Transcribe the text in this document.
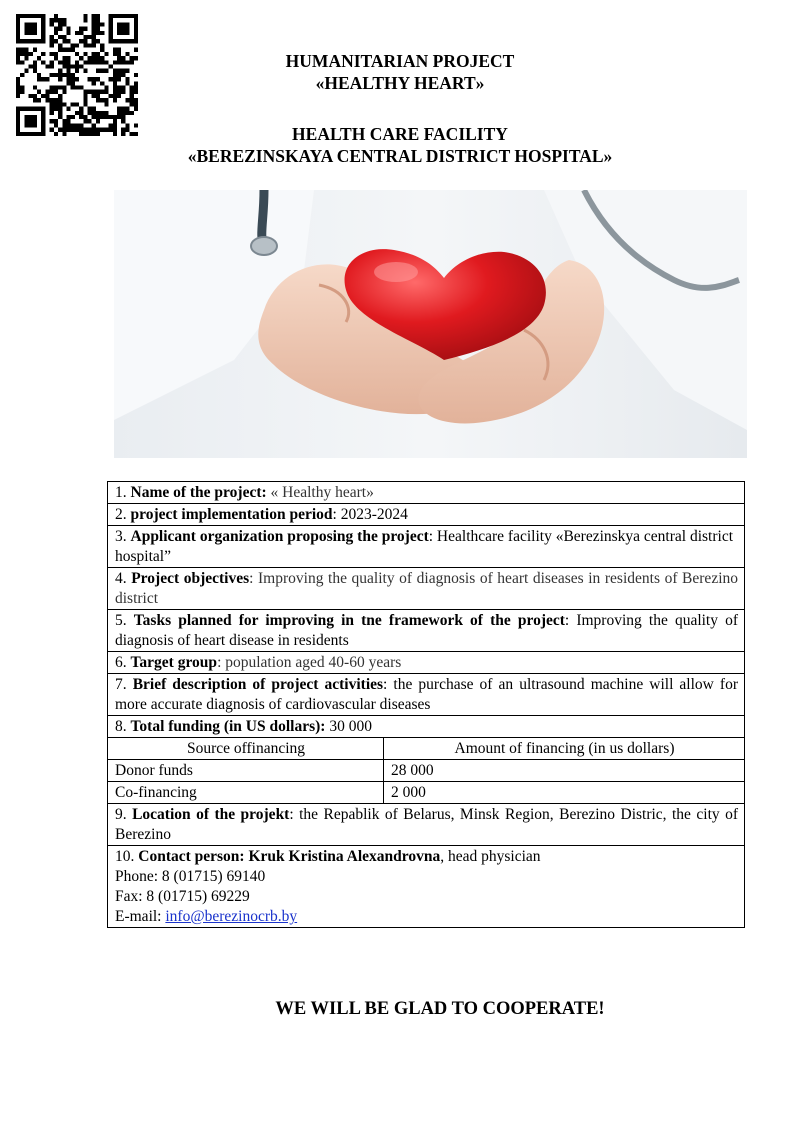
HUMANITARIAN PROJECT
«HEALTHY HEART»
HEALTH CARE FACILITY
«BEREZINSKAYA CENTRAL DISTRICT HOSPITAL»
1. Name of the project: « Healthy heart»	
2. project implementation period: 2023-2024	
3. Applicant organization proposing the project: Healthcare facility «Berezinskya central district hospital”	
4. Project objectives: Improving the quality of diagnosis of heart diseases in residents of Berezino district	
5. Tasks planned for improving in tne framework of the project: Improving the quality of diagnosis of heart disease in residents	
6. Target group: population aged 40-60 years	
7. Brief description of project activities: the purchase of an ultrasound machine will allow for more accurate diagnosis of cardiovascular diseases	
8. Total funding (in US dollars): 30 000	
Source offinancing	Amount of financing (in us dollars)
Donor funds	28 000
Co-financing	2 000
9. Location of the projekt: the Repablik of Belarus, Minsk Region, Berezino Distric, the city of Berezino	

10. Contact person: Kruk Kristina Alexandrovna, head physician
Phone: 8 (01715) 69140
Fax: 8 (01715) 69229
E-mail: info@berezinocrb.by	
WE WILL BE GLAD TO COOPERATE!
